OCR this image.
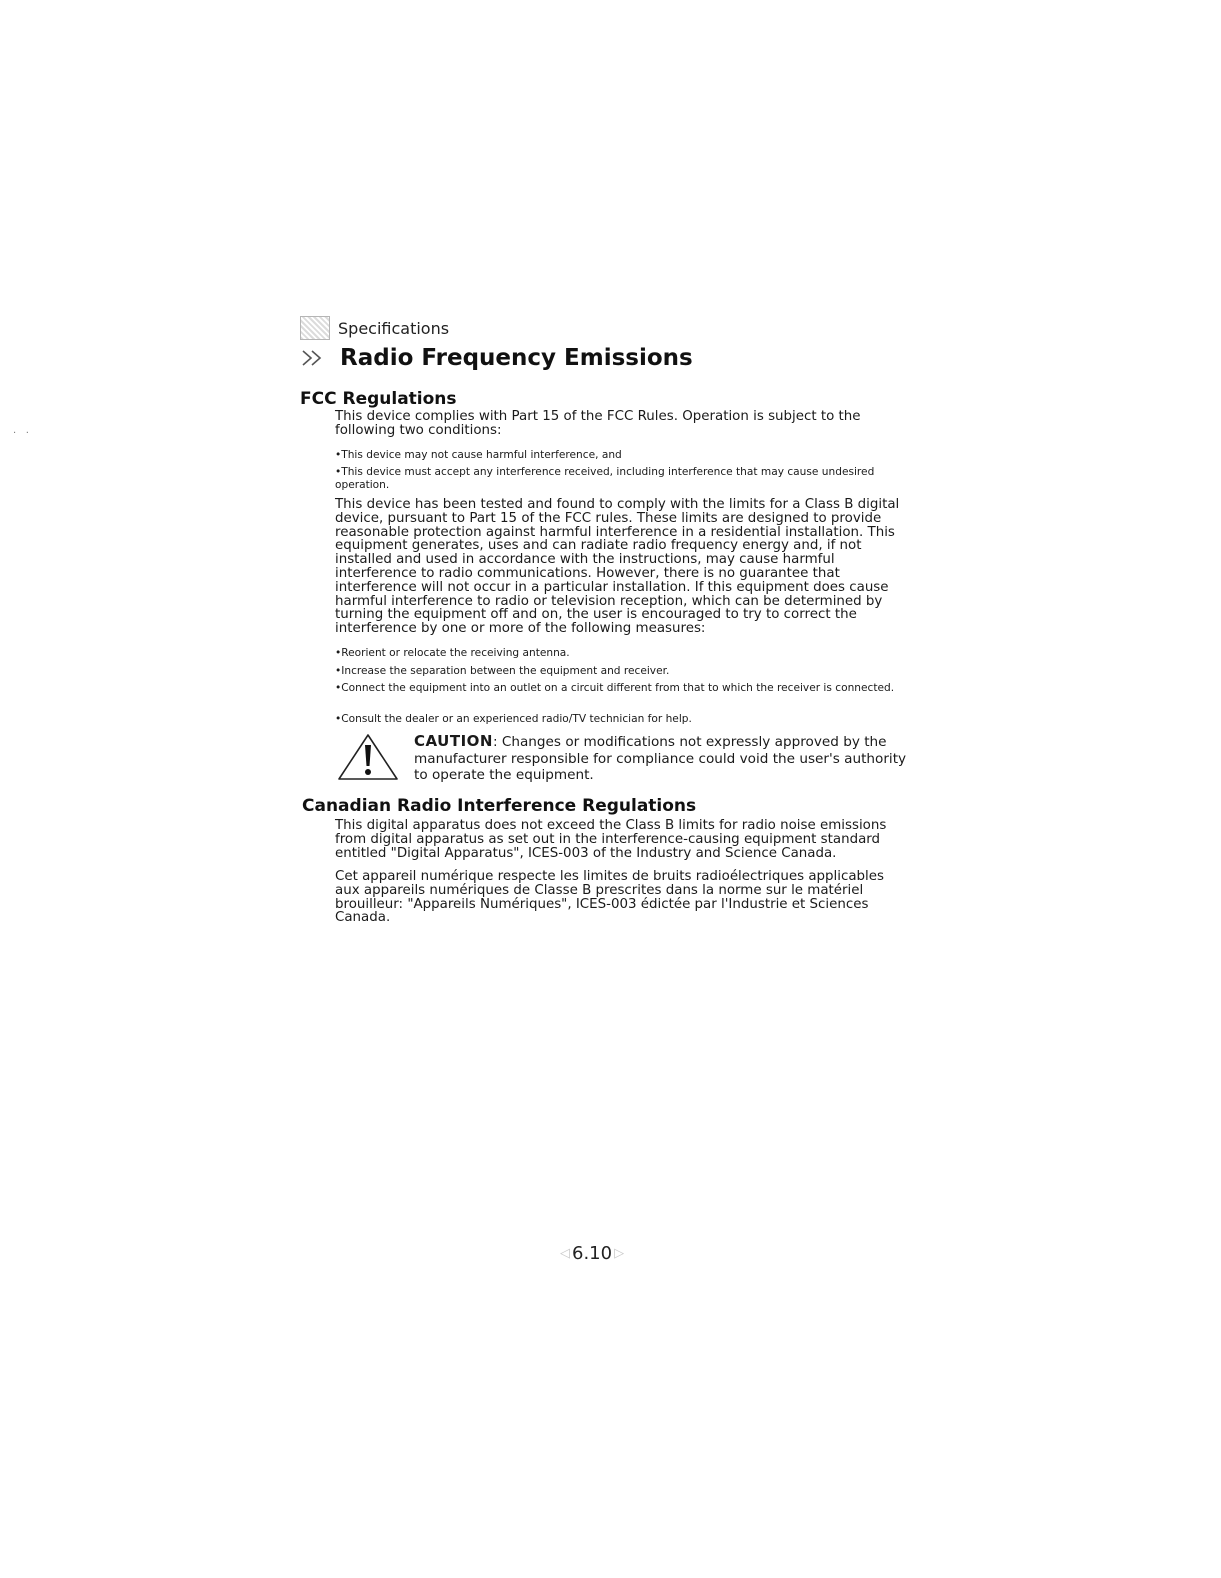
·   ·
Specifications
Radio Frequency Emissions
FCC Regulations
This device complies with Part 15 of the FCC Rules. Operation is subject to the following two conditions:
•This device may not cause harmful interference, and
•This device must accept any interference received, including interference that may cause undesired operation.
This device has been tested and found to comply with the limits for a Class B digital device, pursuant to Part 15 of the FCC rules. These limits are designed to provide reasonable protection against harmful interference in a residential installation. This equipment generates, uses and can radiate radio frequency energy and, if not installed and used in accordance with the instructions, may cause harmful interference to radio communications. However, there is no guarantee that interference will not occur in a particular installation. If this equipment does cause harmful interference to radio or television reception, which can be determined by turning the equipment off and on, the user is encouraged to try to correct the interference by one or more of the following measures:
•Reorient or relocate the receiving antenna.
•Increase the separation between the equipment and receiver.
•Connect the equipment into an outlet on a circuit different from that to which the receiver is connected.
•Consult the dealer or an experienced radio/TV technician for help.
CAUTION: Changes or modifications not expressly approved by the manufacturer responsible for compliance could void the user's authority to operate the equipment.
Canadian Radio Interference Regulations
This digital apparatus does not exceed the Class B limits for radio noise emissions from digital apparatus as set out in the interference-causing equipment standard entitled "Digital Apparatus", ICES-003 of the Industry and Science Canada.
Cet appareil numérique respecte les limites de bruits radioélectriques applicables aux appareils numériques de Classe B prescrites dans la norme sur le matériel brouilleur: "Appareils Numériques", ICES-003 édictée par l'Industrie et Sciences Canada.
◁ 6.10 ▷
